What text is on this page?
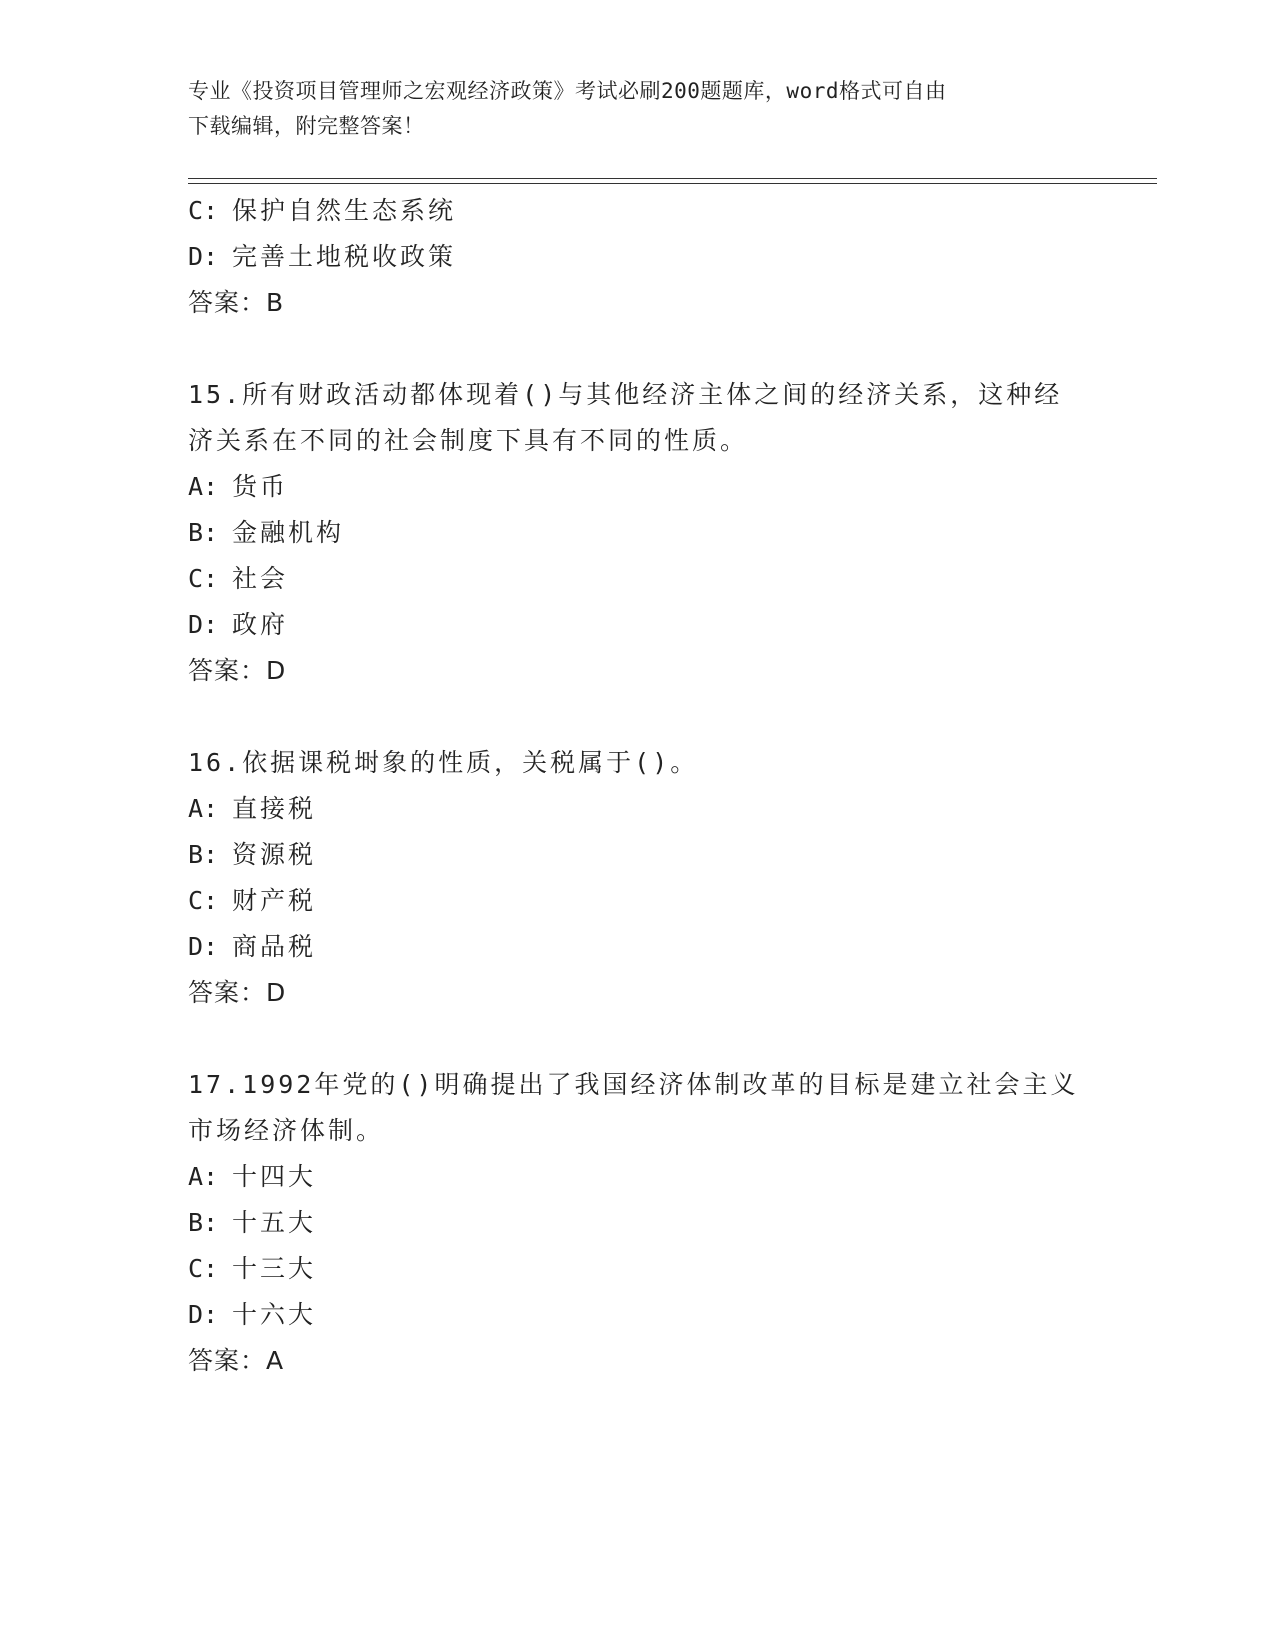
专业《投资项目管理师之宏观经济政策》考试必刷200题题库，word格式可自由
下载编辑，附完整答案！
C: 保护自然生态系统
D: 完善土地税收政策
答案：B
15.所有财政活动都体现着()与其他经济主体之间的经济关系，这种经
济关系在不同的社会制度下具有不同的性质。
A: 货币
B: 金融机构
C: 社会
D: 政府
答案：D
16.依据课税埘象的性质，关税属于()。
A: 直接税
B: 资源税
C: 财产税
D: 商品税
答案：D
17.1992年党的()明确提出了我国经济体制改革的目标是建立社会主义
市场经济体制。
A: 十四大
B: 十五大
C: 十三大
D: 十六大
答案：A
